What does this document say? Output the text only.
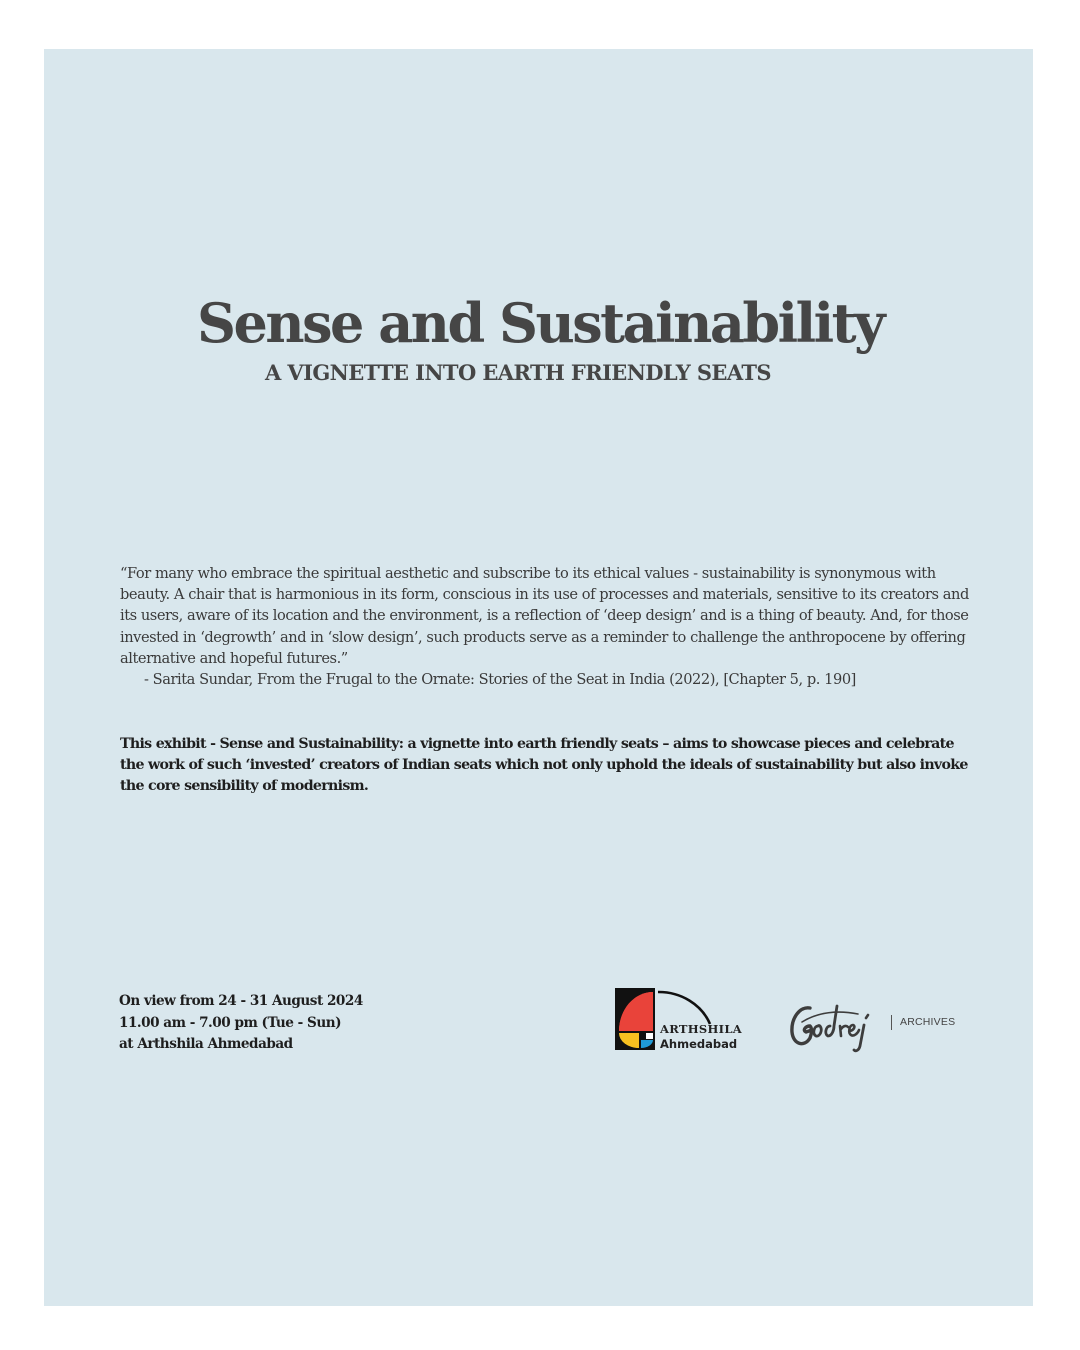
Sense and Sustainability
A VIGNETTE INTO EARTH FRIENDLY SEATS

“For many who embrace the spiritual aesthetic and subscribe to its ethical values - sustainability is synonymous with beauty. A chair that is harmonious in its form, conscious in its use of processes and materials, sensitive to its creators and its users, aware of its location and the environment, is a reflection of ‘deep design’ and is a thing of beauty. And, for those invested in ‘degrowth’ and in ‘slow design’, such products serve as a reminder to challenge the anthropocene by offering alternative and hopeful futures.”

- Sarita Sundar, From the Frugal to the Ornate: Stories of the Seat in India (2022), [Chapter 5, p. 190]
This exhibit - Sense and Sustainability: a vignette into earth friendly seats – aims to showcase pieces and celebrate the work of such ‘invested’ creators of Indian seats which not only uphold the ideals of sustainability but also invoke the core sensibility of modernism.
On view from 24 - 31 August 2024
11.00 am - 7.00 pm (Tue - Sun)
at Arthshila Ahmedabad
ARTHSHILA
Ahmedabad
ARCHIVES
